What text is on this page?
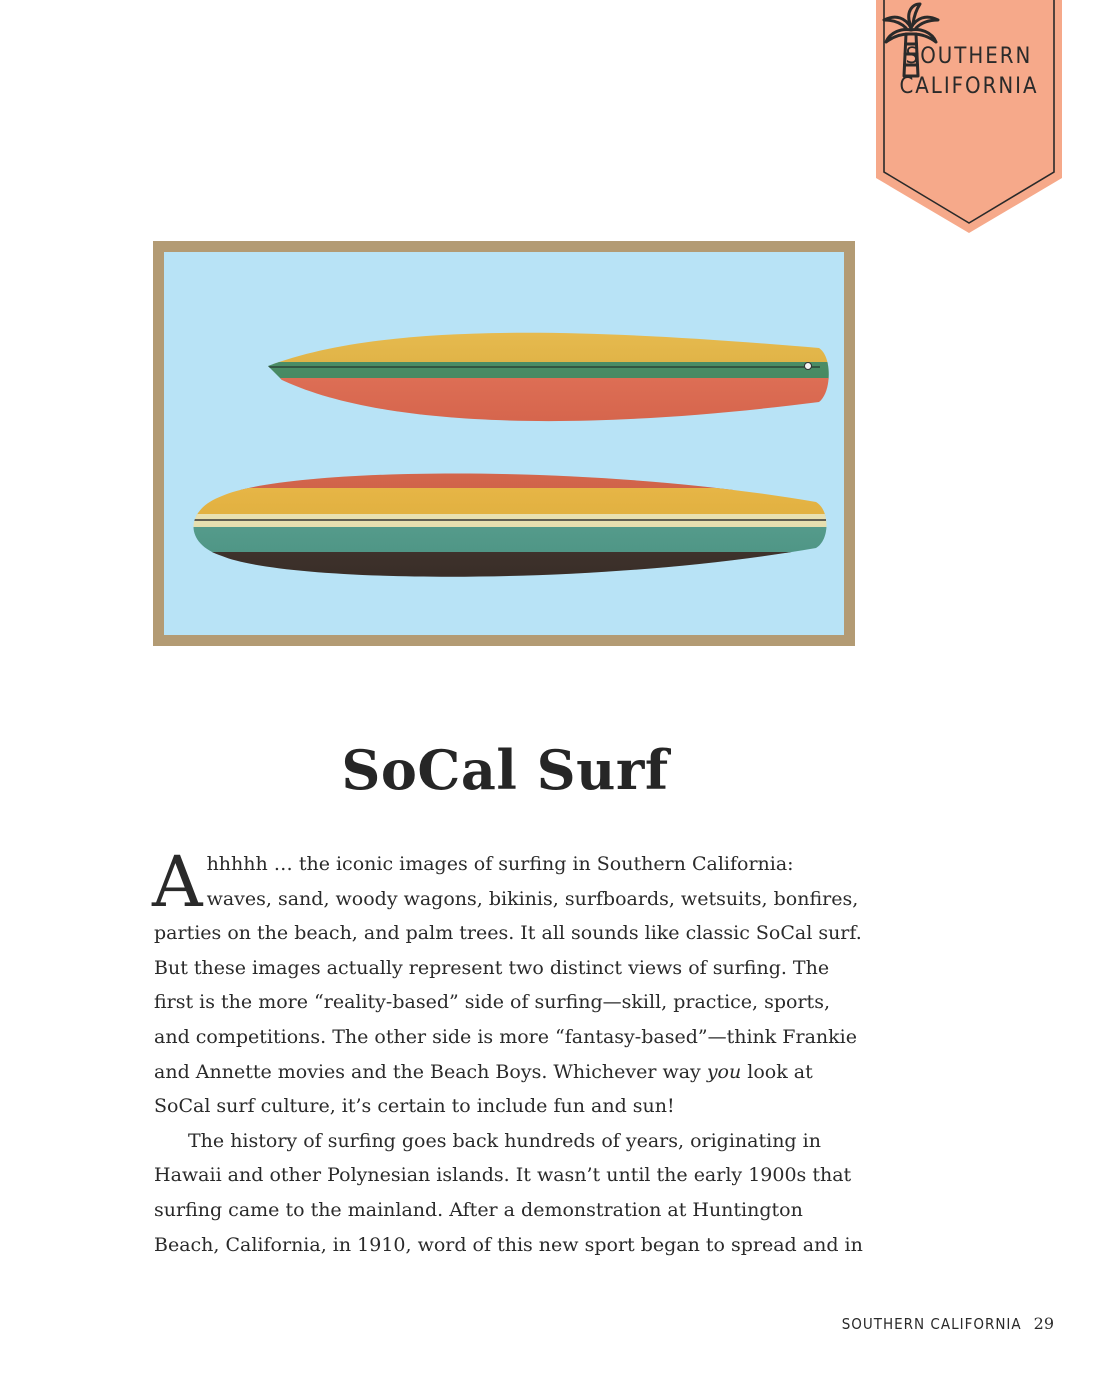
SOUTHERN
CALIFORNIA
SoCal Surf

Ahhhhh … the iconic images of surfing in Southern California: waves, sand, woody wagons, bikinis, surfboards, wetsuits, bonfires, parties on the beach, and palm trees. It all sounds like classic SoCal surf. But these images actually represent two distinct views of surfing. The first is the more “reality-based” side of surfing—skill, practice, sports, and competitions. The other side is more “fantasy-based”—think Frankie and Annette movies and the Beach Boys. Whichever way you look at SoCal surf culture, it’s certain to include fun and sun!

The history of surfing goes back hundreds of years, originating in Hawaii and other Polynesian islands. It wasn’t until the early 1900s that surfing came to the mainland. After a demonstration at Huntington Beach, California, in 1910, word of this new sport began to spread and in

SOUTHERN CALIFORNIA 29
